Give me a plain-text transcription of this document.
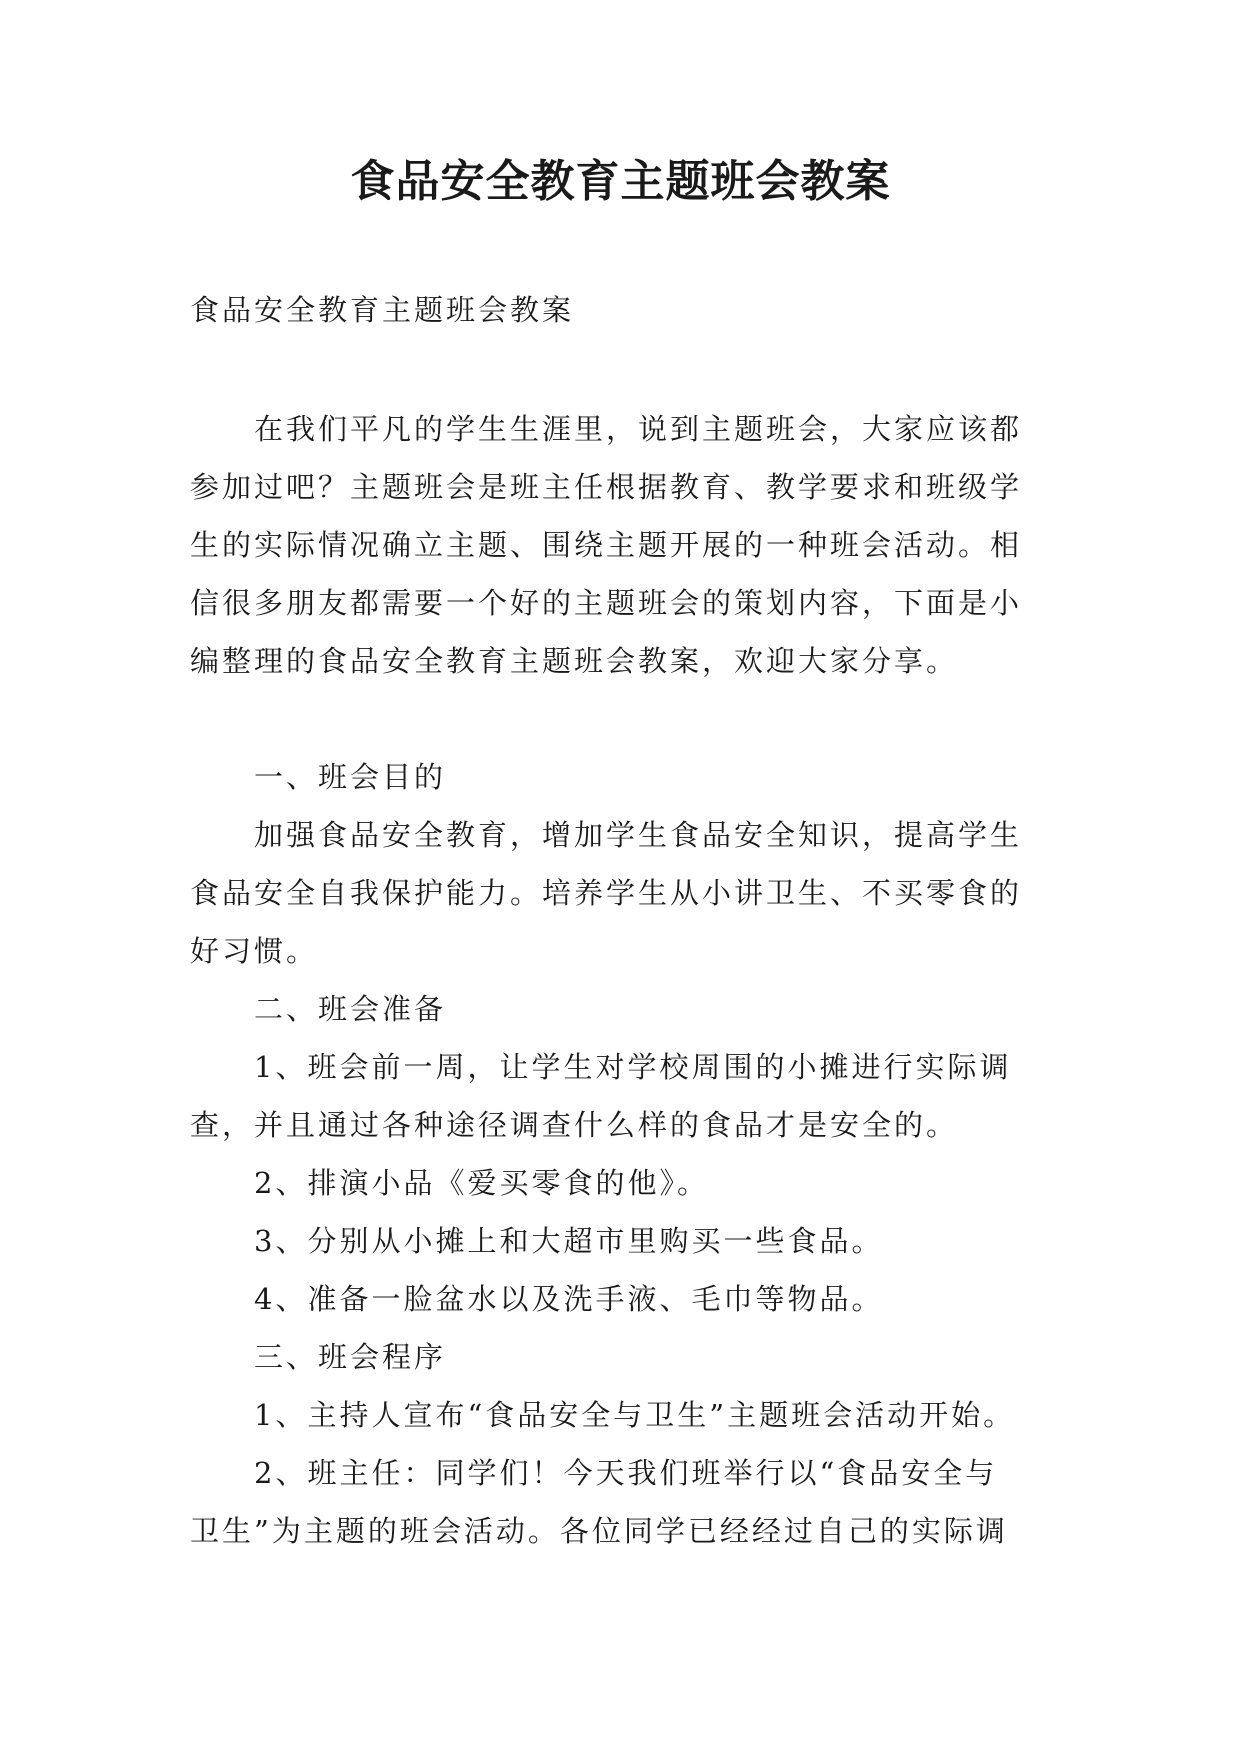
食品安全教育主题班会教案

食品安全教育主题班会教案

在我们平凡的学生生涯里，说到主题班会，大家应该都

参加过吧？主题班会是班主任根据教育、教学要求和班级学

生的实际情况确立主题、围绕主题开展的一种班会活动。相

信很多朋友都需要一个好的主题班会的策划内容，下面是小

编整理的食品安全教育主题班会教案，欢迎大家分享。

一、班会目的

加强食品安全教育，增加学生食品安全知识，提高学生

食品安全自我保护能力。培养学生从小讲卫生、不买零食的

好习惯。

二、班会准备

1、班会前一周，让学生对学校周围的小摊进行实际调

查，并且通过各种途径调查什么样的食品才是安全的。

2、排演小品《爱买零食的他》。

3、分别从小摊上和大超市里购买一些食品。

4、准备一脸盆水以及洗手液、毛巾等物品。

三、班会程序

1、主持人宣布“食品安全与卫生”主题班会活动开始。

2、班主任：同学们！今天我们班举行以“食品安全与

卫生”为主题的班会活动。各位同学已经经过自己的实际调
